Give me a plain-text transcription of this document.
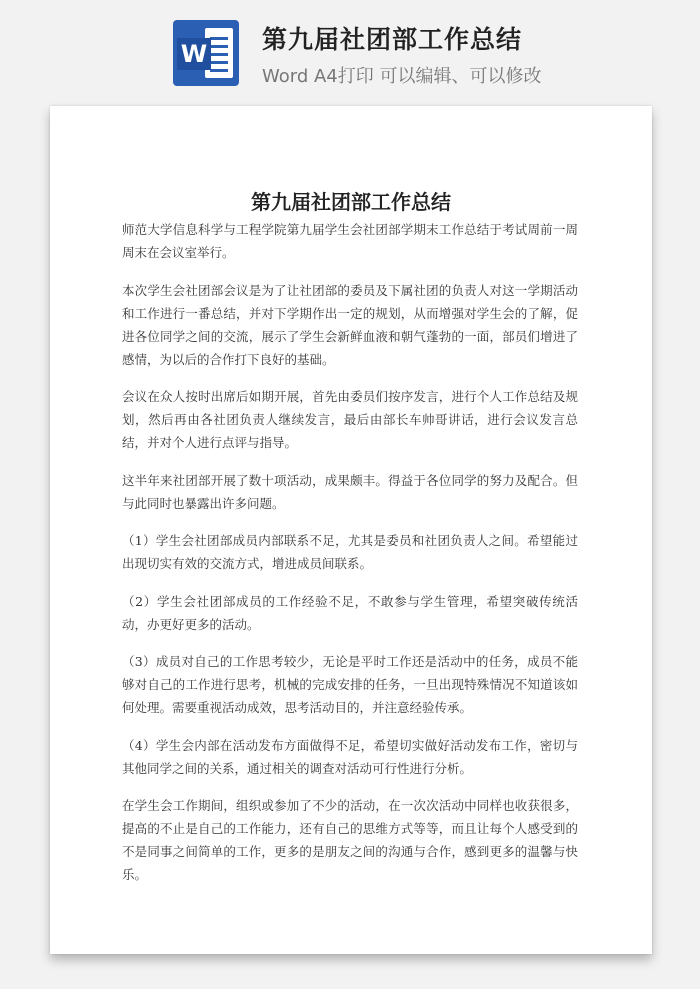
W 第九届社团部工作总结
Word A4打印 可以编辑、可以修改
第九届社团部工作总结

师范大学信息科学与工程学院第九届学生会社团部学期末工作总结于考试周前一周周末在会议室举行。

本次学生会社团部会议是为了让社团部的委员及下属社团的负责人对这一学期活动和工作进行一番总结，并对下学期作出一定的规划，从而增强对学生会的了解，促进各位同学之间的交流，展示了学生会新鲜血液和朝气蓬勃的一面，部员们增进了感情，为以后的合作打下良好的基础。

会议在众人按时出席后如期开展，首先由委员们按序发言，进行个人工作总结及规划，然后再由各社团负责人继续发言，最后由部长车帅哥讲话，进行会议发言总结，并对个人进行点评与指导。

这半年来社团部开展了数十项活动，成果颇丰。得益于各位同学的努力及配合。但与此同时也暴露出许多问题。

（1）学生会社团部成员内部联系不足，尤其是委员和社团负责人之间。希望能过出现切实有效的交流方式，增进成员间联系。

（2）学生会社团部成员的工作经验不足，不敢参与学生管理，希望突破传统活动，办更好更多的活动。

（3）成员对自己的工作思考较少，无论是平时工作还是活动中的任务，成员不能够对自己的工作进行思考，机械的完成安排的任务，一旦出现特殊情况不知道该如何处理。需要重视活动成效，思考活动目的，并注意经验传承。

（4）学生会内部在活动发布方面做得不足，希望切实做好活动发布工作，密切与其他同学之间的关系，通过相关的调查对活动可行性进行分析。

在学生会工作期间，组织或参加了不少的活动，在一次次活动中同样也收获很多，提高的不止是自己的工作能力，还有自己的思维方式等等，而且让每个人感受到的不是同事之间简单的工作，更多的是朋友之间的沟通与合作，感到更多的温馨与快乐。
